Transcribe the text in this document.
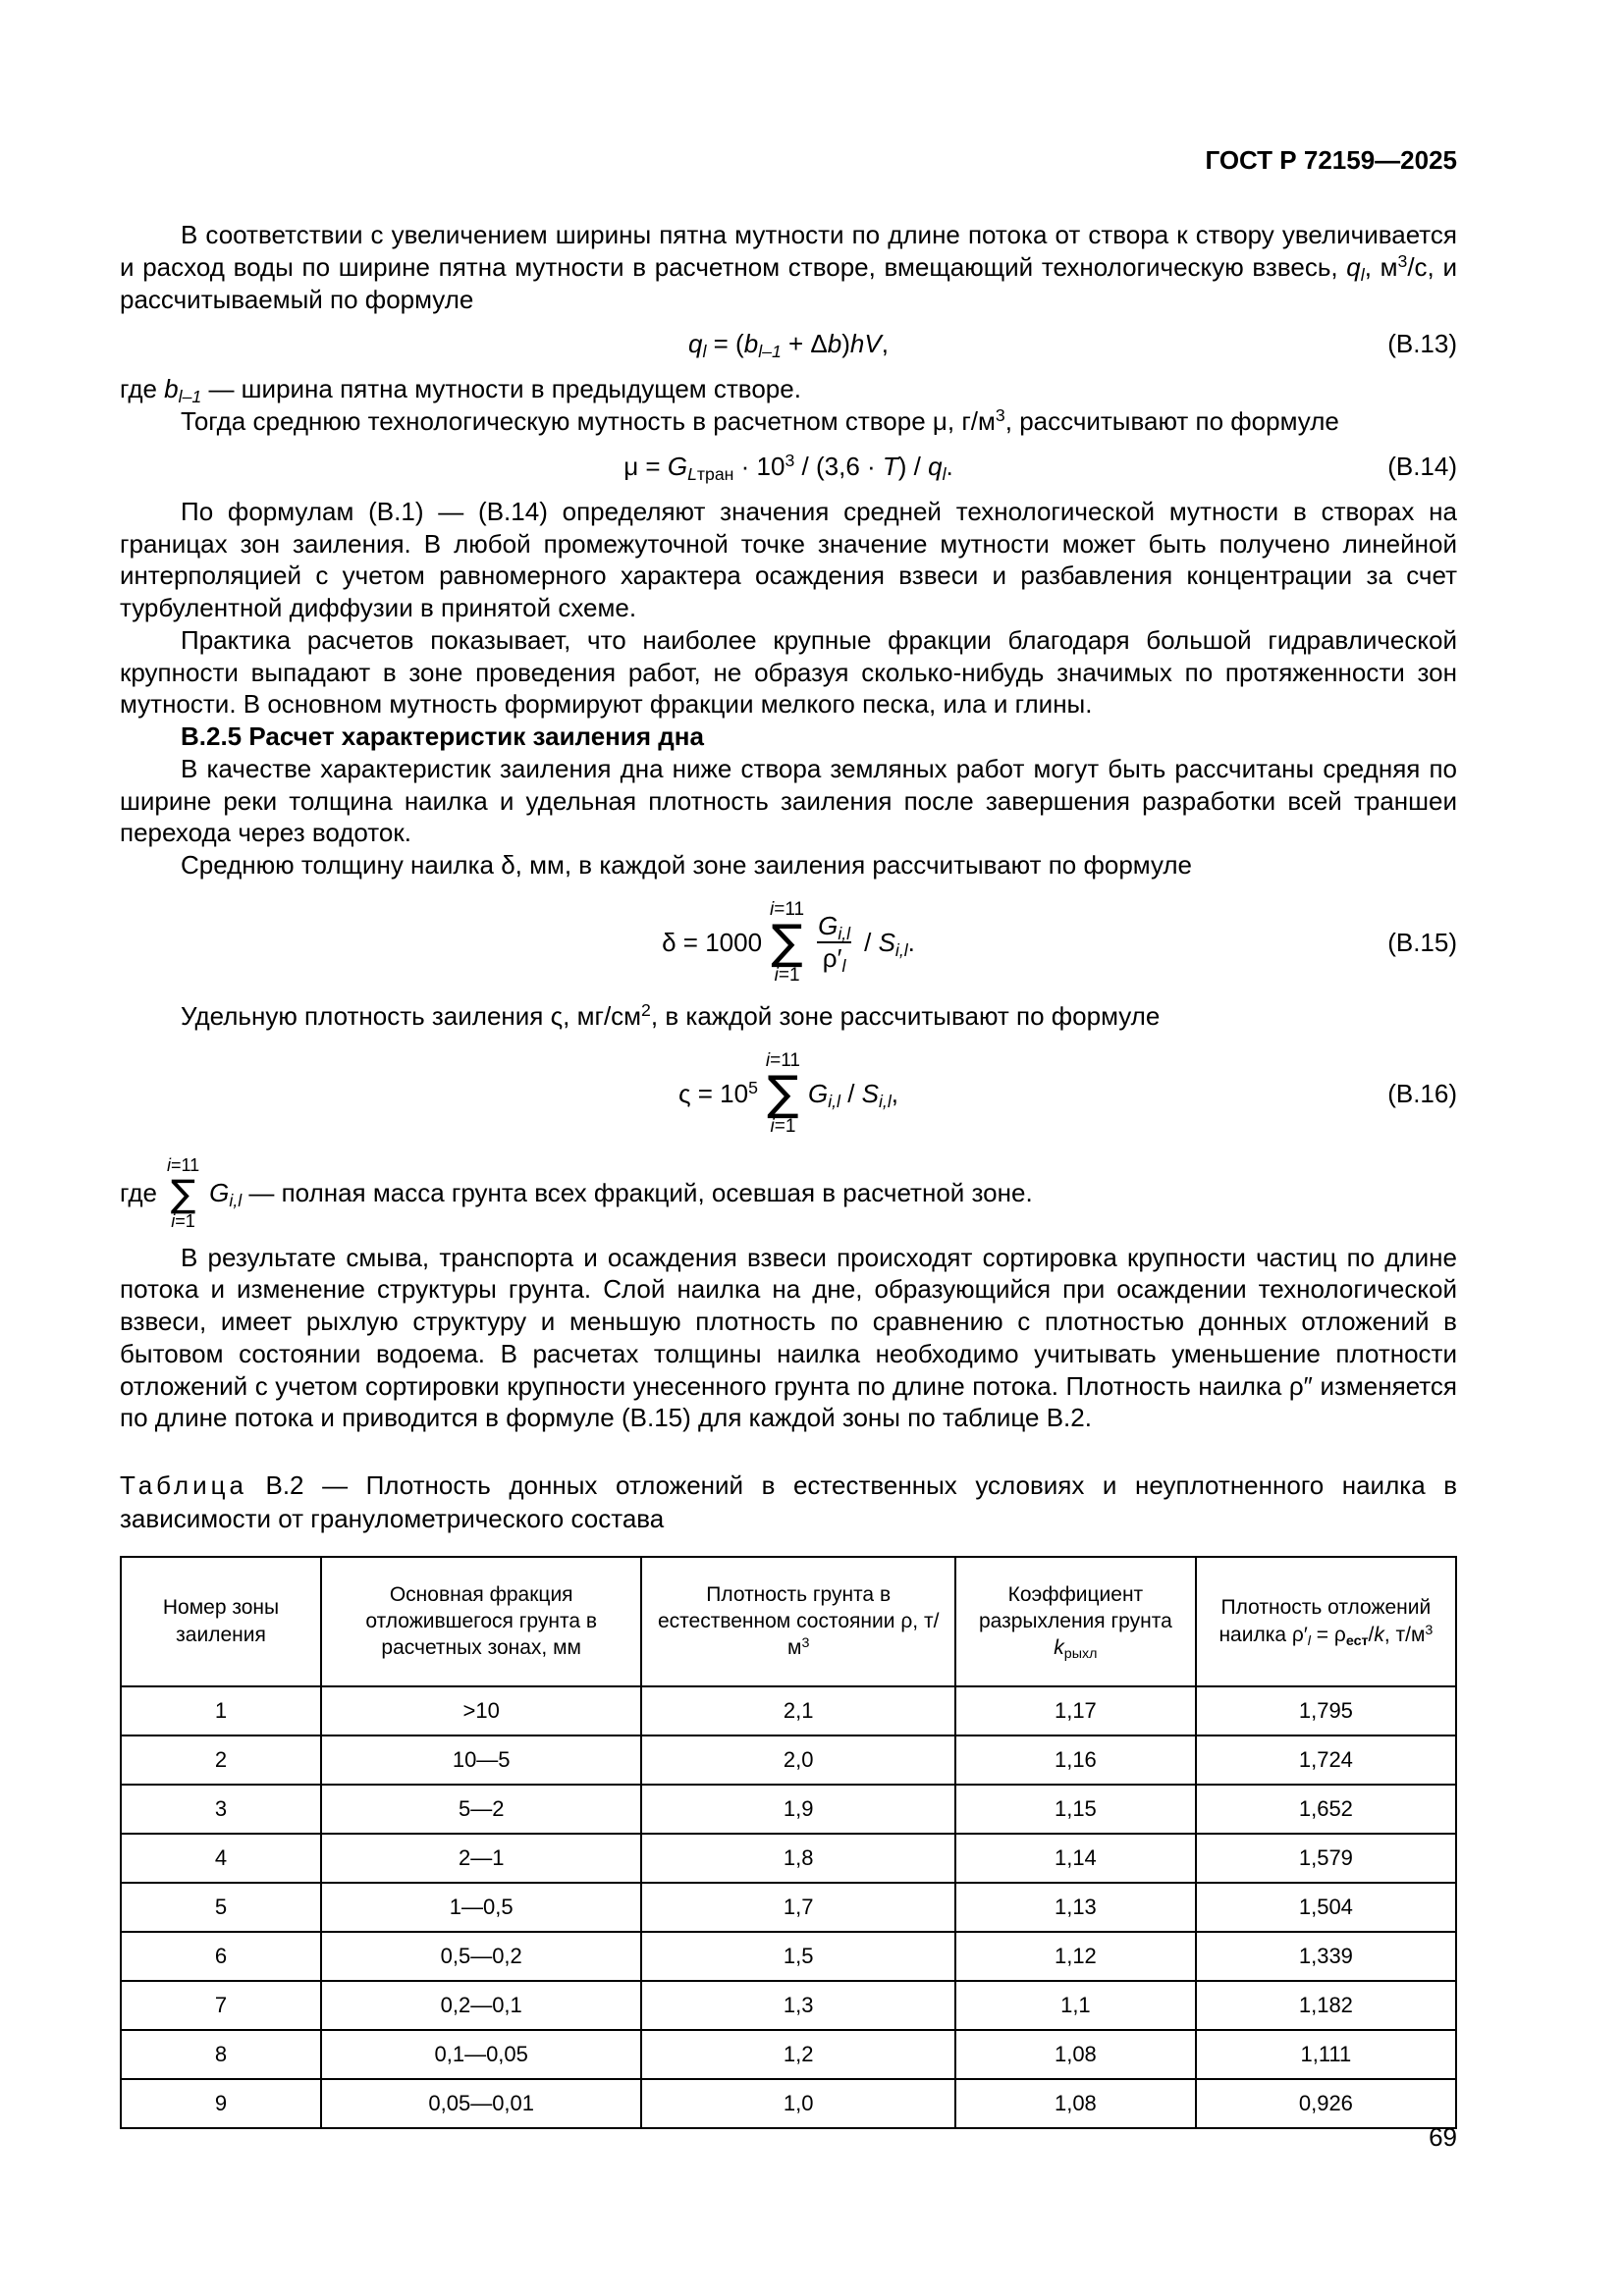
ГОСТ Р 72159—2025

В соответствии с увеличением ширины пятна мутности по длине потока от створа к створу увеличивается и расход воды по ширине пятна мутности в расчетном створе, вмещающий технологическую взвесь, $q_l$, $м^3/с$, и рассчитываемый по формуле

$q_l = (b_{l-1} + \Delta b)hV$,	(В.13)

где $b_{l-1}$ — ширина пятна мутности в предыдущем створе.

Тогда среднюю технологическую мутность в расчетном створе μ, $г/м^3$, рассчитывают по формуле

$\mu = G_{Lтран} \cdot 10^3 / (3,6 \cdot T) / q_l$.	(В.14)

По формулам (В.1) — (В.14) определяют значения средней технологической мутности в створах на границах зон заиления. В любой промежуточной точке значение мутности может быть получено линейной интерполяцией с учетом равномерного характера осаждения взвеси и разбавления концентрации за счет турбулентной диффузии в принятой схеме.

Практика расчетов показывает, что наиболее крупные фракции благодаря большой гидравлической крупности выпадают в зоне проведения работ, не образуя сколько-нибудь значимых по протяженности зон мутности. В основном мутность формируют фракции мелкого песка, ила и глины.

В.2.5 Расчет характеристик заиления дна

В качестве характеристик заиления дна ниже створа земляных работ могут быть рассчитаны средняя по ширине реки толщина наилка и удельная плотность заиления после завершения разработки всей траншеи перехода через водоток.

Среднюю толщину наилка δ, мм, в каждой зоне заиления рассчитывают по формуле

δ = 1000
i=11
∑
i=1
$\frac{G_{i,l}}{\rho'_l} / S_{i,l}$.	(В.15)

Удельную плотность заиления ς, $мг/см^2$, в каждой зоне рассчитывают по формуле

$\varsigma = 10^5$
i=11
∑
i=1
$G_{i,l} / S_{i,l}$,	(В.16)
где
i=11
∑
i=1
$G_{i,l}$ — полная масса грунта всех фракций, осевшая в расчетной зоне.

В результате смыва, транспорта и осаждения взвеси происходят сортировка крупности частиц по длине потока и изменение структуры грунта. Слой наилка на дне, образующийся при осаждении технологической взвеси, имеет рыхлую структуру и меньшую плотность по сравнению с плотностью донных отложений в бытовом состоянии водоема. В расчетах толщины наилка необходимо учитывать уменьшение плотности отложений с учетом сортировки крупности унесенного грунта по длине потока. Плотность наилка ρ″ изменяется по длине потока и приводится в формуле (В.15) для каждой зоны по таблице В.2.

Таблица В.2 — Плотность донных отложений в естественных условиях и неуплотненного наилка в зависимости от гранулометрического состава

Номер зоны заиления	Основная фракция отложившегося грунта в расчетных зонах, мм	Плотность грунта в естественном состоянии ρ, $т/м^3$	Коэффициент разрыхления грунта $k_{рыхл}$	Плотность отложений наилка $\rho'_l = \rho_{ест}/k$, $т/м^3$
1	>10	2,1	1,17	1,795
2	10—5	2,0	1,16	1,724
3	5—2	1,9	1,15	1,652
4	2—1	1,8	1,14	1,579
5	1—0,5	1,7	1,13	1,504
6	0,5—0,2	1,5	1,12	1,339
7	0,2—0,1	1,3	1,1	1,182
8	0,1—0,05	1,2	1,08	1,111
9	0,05—0,01	1,0	1,08	0,926
69
